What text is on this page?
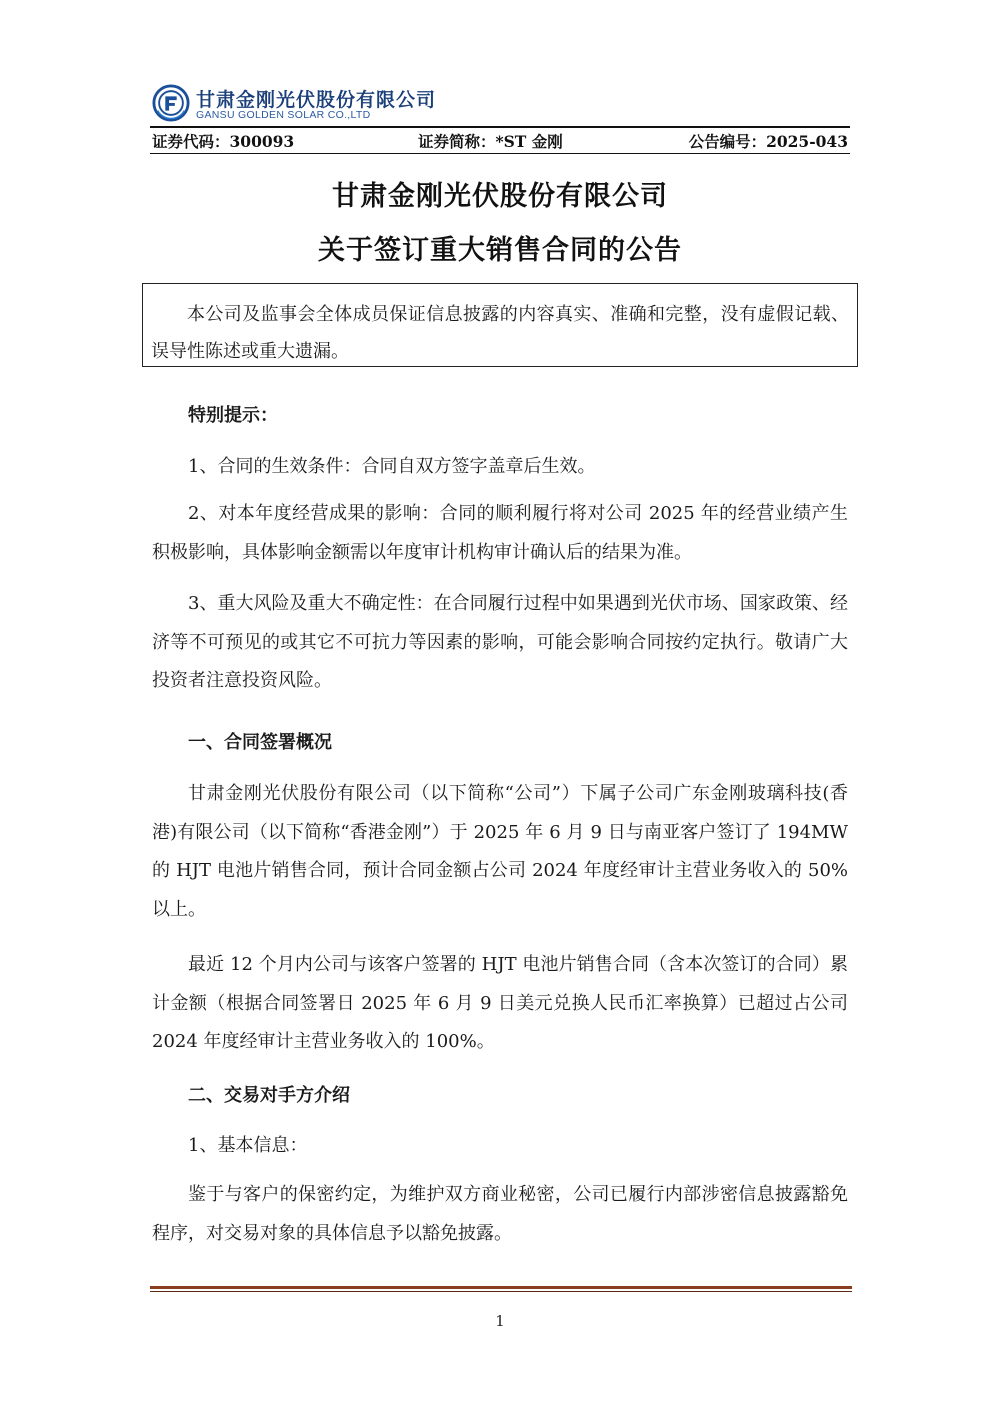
甘肃金刚光伏股份有限公司
GANSU GOLDEN SOLAR CO.,LTD
证券代码：300093	证券简称：*ST 金刚	公告编号：2025-043
甘肃金刚光伏股份有限公司
关于签订重大销售合同的公告

本公司及监事会全体成员保证信息披露的内容真实、准确和完整，没有虚假记载、误导性陈述或重大遗漏。

特别提示：

1、合同的生效条件：合同自双方签字盖章后生效。

2、对本年度经营成果的影响：合同的顺利履行将对公司 2025 年的经营业绩产生积极影响，具体影响金额需以年度审计机构审计确认后的结果为准。

3、重大风险及重大不确定性：在合同履行过程中如果遇到光伏市场、国家政策、经济等不可预见的或其它不可抗力等因素的影响，可能会影响合同按约定执行。敬请广大投资者注意投资风险。

一、合同签署概况

甘肃金刚光伏股份有限公司（以下简称“公司”）下属子公司广东金刚玻璃科技(香港)有限公司（以下简称“香港金刚”）于 2025 年 6 月 9 日与南亚客户签订了 194MW 的 HJT 电池片销售合同，预计合同金额占公司 2024 年度经审计主营业务收入的 50%以上。

最近 12 个月内公司与该客户签署的 HJT 电池片销售合同（含本次签订的合同）累计金额（根据合同签署日 2025 年 6 月 9 日美元兑换人民币汇率换算）已超过占公司 2024 年度经审计主营业务收入的 100%。

二、交易对手方介绍

1、基本信息：

鉴于与客户的保密约定，为维护双方商业秘密，公司已履行内部涉密信息披露豁免程序，对交易对象的具体信息予以豁免披露。

1
